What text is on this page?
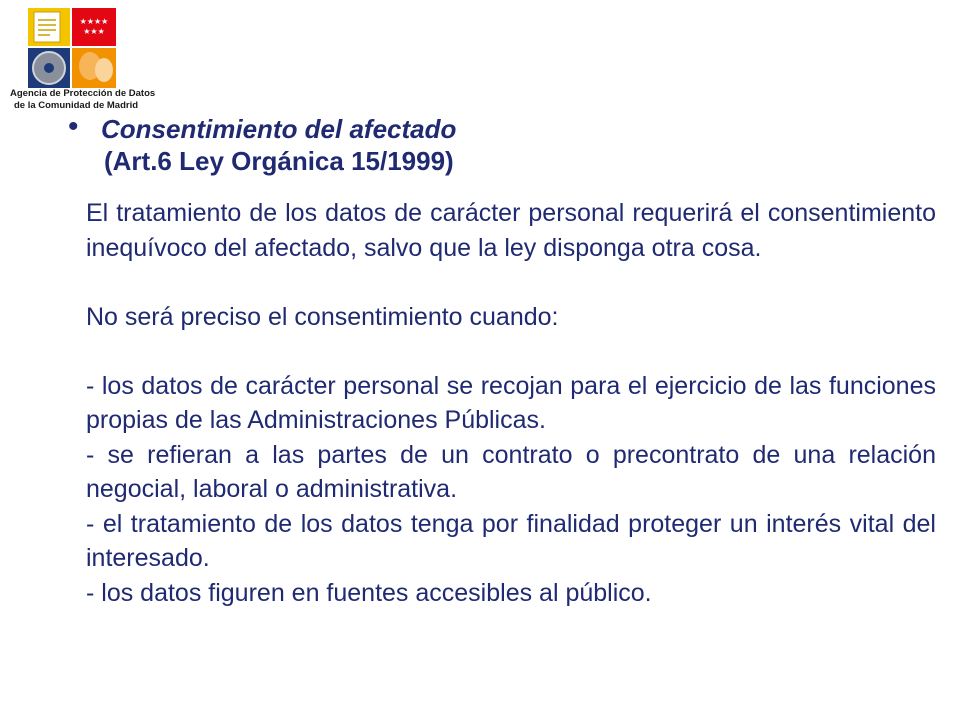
★★★★
★★★
Agencia de Protección de Datos
de la Comunidad de Madrid
• Consentimiento del afectado
(Art.6 Ley Orgánica 15/1999)

El tratamiento de los datos de carácter personal requerirá el consentimiento inequívoco del afectado, salvo que la ley disponga otra cosa.

No será preciso el consentimiento cuando:

- los datos de carácter personal se recojan para el ejercicio de las funciones propias de las Administraciones Públicas.

- se refieran a las partes de un contrato o precontrato de una relación negocial, laboral o administrativa.

- el tratamiento de los datos tenga por finalidad proteger un interés vital del interesado.

- los datos figuren en fuentes accesibles al público.
